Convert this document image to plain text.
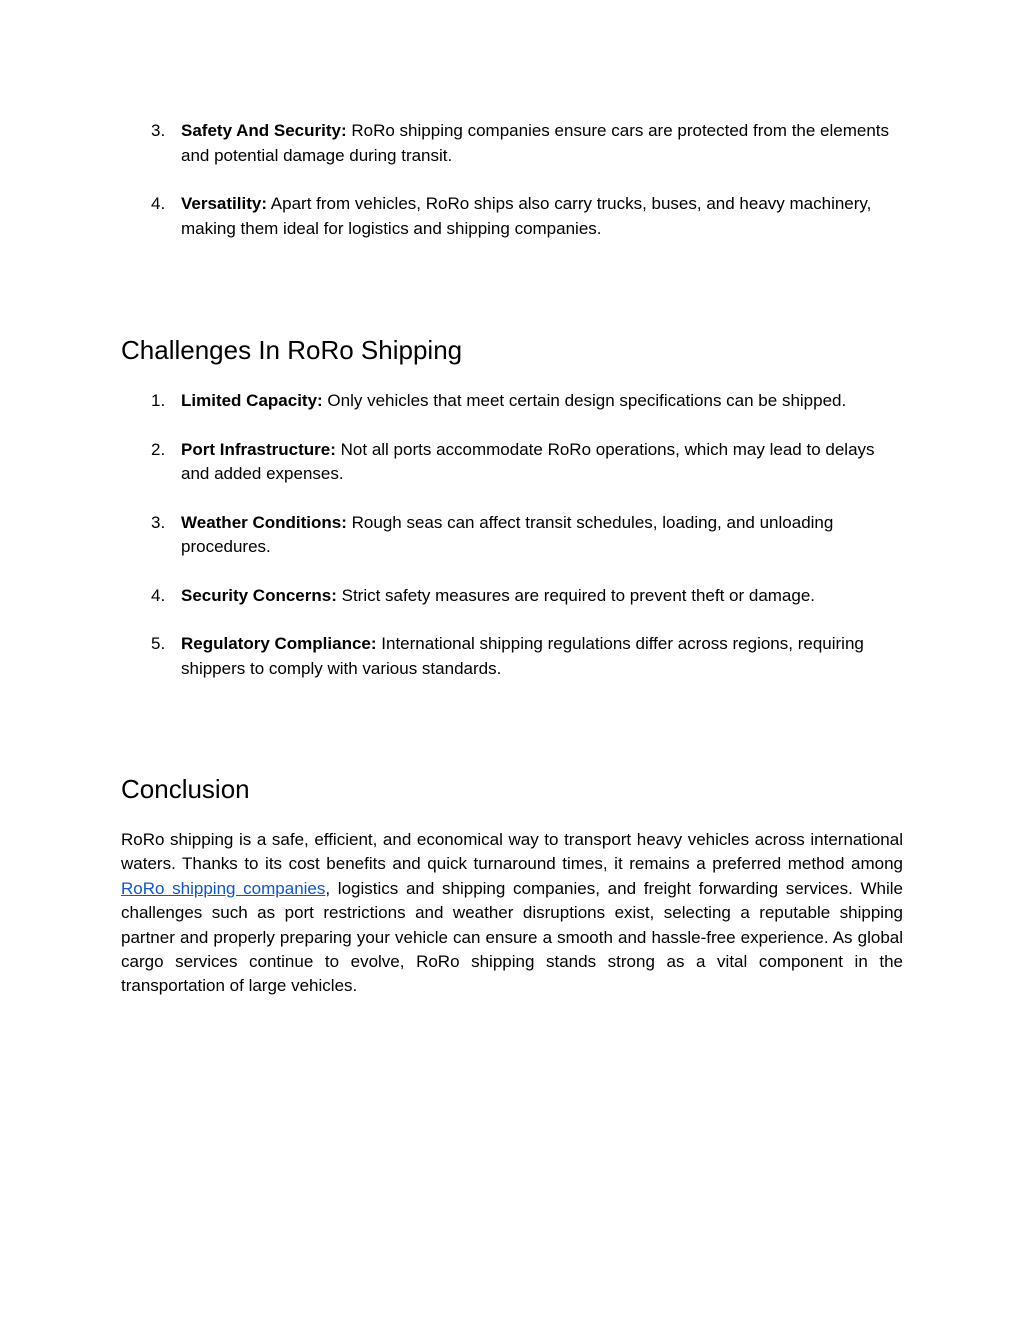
3. Safety And Security: RoRo shipping companies ensure cars are protected from the elements and potential damage during transit.
4. Versatility: Apart from vehicles, RoRo ships also carry trucks, buses, and heavy machinery, making them ideal for logistics and shipping companies.
Challenges In RoRo Shipping
1. Limited Capacity: Only vehicles that meet certain design specifications can be shipped.
2. Port Infrastructure: Not all ports accommodate RoRo operations, which may lead to delays and added expenses.
3. Weather Conditions: Rough seas can affect transit schedules, loading, and unloading procedures.
4. Security Concerns: Strict safety measures are required to prevent theft or damage.
5. Regulatory Compliance: International shipping regulations differ across regions, requiring shippers to comply with various standards.
Conclusion

RoRo shipping is a safe, efficient, and economical way to transport heavy vehicles across international waters. Thanks to its cost benefits and quick turnaround times, it remains a preferred method among RoRo shipping companies, logistics and shipping companies, and freight forwarding services. While challenges such as port restrictions and weather disruptions exist, selecting a reputable shipping partner and properly preparing your vehicle can ensure a smooth and hassle-free experience. As global cargo services continue to evolve, RoRo shipping stands strong as a vital component in the transportation of large vehicles.
